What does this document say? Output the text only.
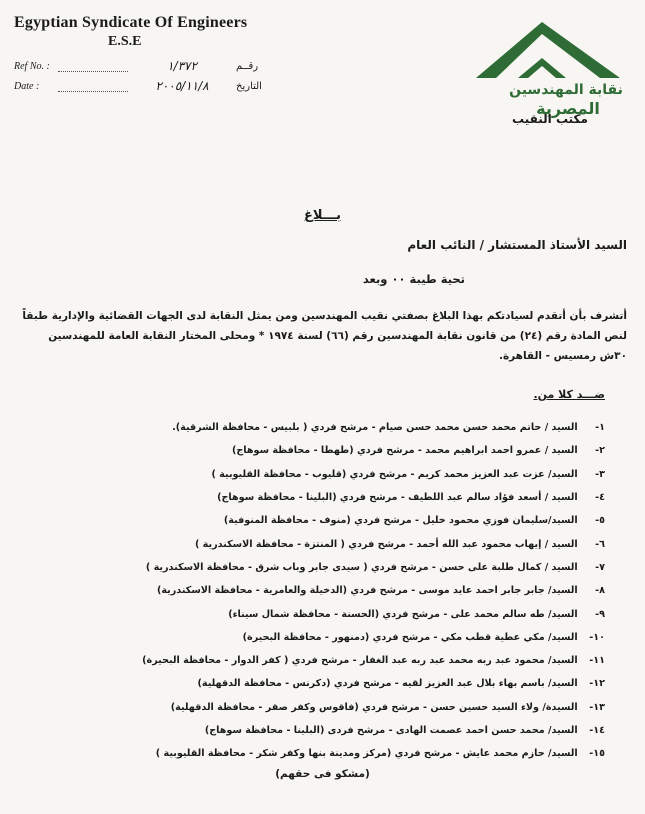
Egyptian Syndicate Of Engineers
E.S.E
Ref No. :	١/٣٧٢	رقــم
Date :	٢٠٠٥/١١/٨	التاريخ	نقابة المهندسين
المصرية
مكتب النقيب
بـــلاغ
السيد الأستاذ المستشار / النائب العام
تحية طيبة ٠٠ وبعد
أتشرف بأن أتقدم لسيادتكم بهذا البلاغ بصفتي نقيب المهندسين ومن يمثل النقابة لدى الجهات القضائية والإدارية طبقاً لنص المادة رقم (٢٤) من قانون نقابة المهندسين رقم (٦٦) لسنة ١٩٧٤ * ومحلى المختار النقابة العامة للمهندسين ٣٠ش رمسيس - القاهرة.
ضـــد كلا من.
١-

السيد / حاتم محمد حسن محمد حسن صيام - مرشح فردي ( بلبيس - محافظة الشرقية).
٢-

السيد / عمرو احمد ابراهيم محمد - مرشح فردي (طهطا - محافظة سوهاج)
٣-

السيد/ عزت عبد العزيز محمد كريم - مرشح فردي (قليوب - محافظة القليوبية )
٤-

السيد / أسعد فؤاد سالم عبد اللطيف - مرشح فردي (البلينا - محافظة سوهاج)
٥-

السيد/سليمان فوزي محمود خليل - مرشح فردي (منوف - محافظة المنوفية)
٦-

السيد / إيهاب محمود عبد الله أحمد - مرشح فردي ( المنتزة - محافظة الاسكندرية )
٧-

السيد / كمال طلبة على حسن - مرشح فردي ( سيدى جابر وباب شرق - محافظة الاسكندرية )
٨-

السيد/ جابر جابر احمد عايد موسى - مرشح فردي (الدخيلة والعامرية - محافظة الاسكندرية)
٩-

السيد/ طه سالم محمد على - مرشح فردي (الحسنة - محافظة شمال سيناء)
١٠-

السيد/ مكي عطية قطب مكي - مرشح فردي (دمنهور - محافظة البحيرة)
١١-

السيد/ محمود عبد ربه محمد عبد ربه عبد الغفار - مرشح فردي ( كفر الدوار - محافظة البحيرة)
١٢-

السيد/ باسم بهاء بلال عبد العزيز لقيه - مرشح فردي (دكرنس - محافظة الدقهلية)
١٣-

السيدة/ ولاء السيد حسين حسن - مرشح فردي (فاقوس وكفر صقر - محافظة الدقهلية)
١٤-

السيد/ محمد حسن احمد عصمت الهادى - مرشح فردى (البلينا - محافظة سوهاج)
١٥-

السيد/ حازم محمد عايش - مرشح فردي (مركز ومدينة بنها وكفر شكر - محافظة القليوبية )
(مشكو فى حقهم)
